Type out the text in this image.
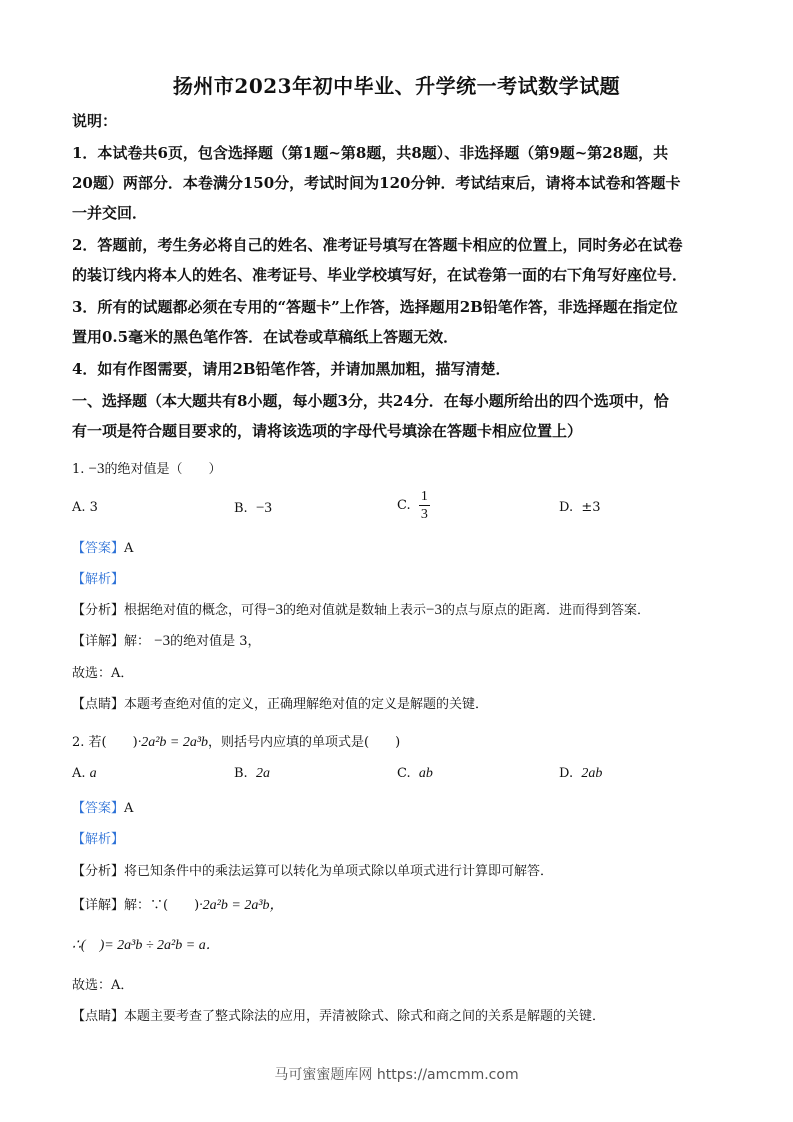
扬州市2023年初中毕业、升学统一考试数学试题
说明：
1．本试卷共6页，包含选择题（第1题~第8题，共8题）、非选择题（第9题~第28题，共
20题）两部分．本卷满分150分，考试时间为120分钟．考试结束后，请将本试卷和答题卡
一并交回．
2．答题前，考生务必将自己的姓名、准考证号填写在答题卡相应的位置上，同时务必在试卷
的装订线内将本人的姓名、准考证号、毕业学校填写好，在试卷第一面的右下角写好座位号．
3．所有的试题都必须在专用的“答题卡”上作答，选择题用2B铅笔作答，非选择题在指定位
置用0.5毫米的黑色笔作答．在试卷或草稿纸上答题无效．
4．如有作图需要，请用2B铅笔作答，并请加黑加粗，描写清楚．
一、选择题（本大题共有8小题，每小题3分，共24分．在每小题所给出的四个选项中，恰
有一项是符合题目要求的，请将该选项的字母代号填涂在答题卡相应位置上）
1. −3的绝对值是（　　）
A. 3	B. −3	C. $\frac{1}{3}$	D. ±3
【答案】A
【解析】
【分析】根据绝对值的概念，可得−3的绝对值就是数轴上表示−3的点与原点的距离．进而得到答案．
【详解】解： −3的绝对值是 3，
故选：A．
【点睛】本题考查绝对值的定义，正确理解绝对值的定义是解题的关键．
2. 若(　　)·2a²b = 2a³b，则括号内应填的单项式是(　　)
A. a	B. 2a	C. ab	D. 2ab
【答案】A
【解析】
【分析】将已知条件中的乘法运算可以转化为单项式除以单项式进行计算即可解答．
【详解】解：∵(　　)·2a²b = 2a³b，
∴(　)= 2a³b ÷ 2a²b = a．
故选：A．
【点睛】本题主要考查了整式除法的应用，弄清被除式、除式和商之间的关系是解题的关键．
马可蜜蜜题库网 https://amcmm.com
